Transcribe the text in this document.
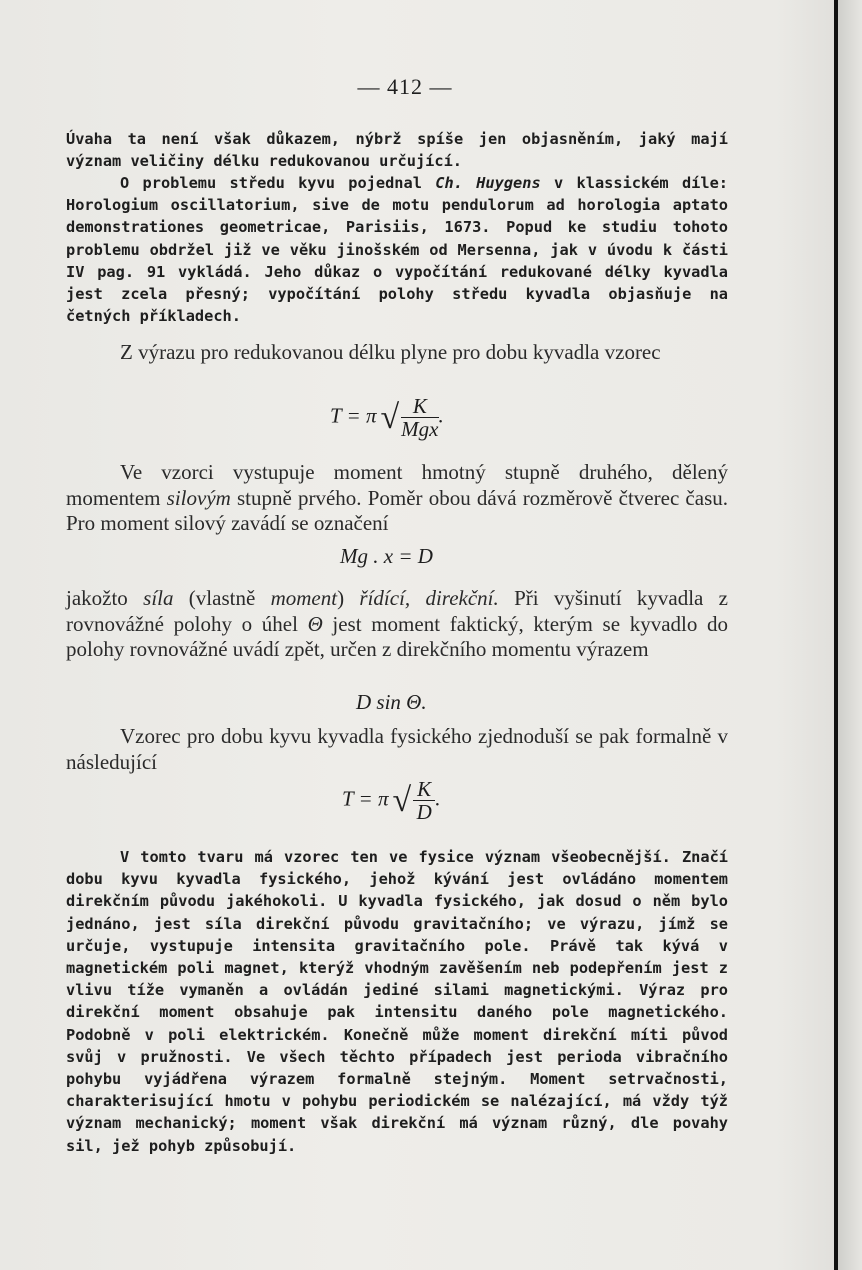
— 412 —

Úvaha ta není však důkazem, nýbrž spíše jen objasněním, jaký mají význam veličiny délku redukovanou určující.

O problemu středu kyvu pojednal Ch. Huygens v klassickém díle: Horologium oscillatorium, sive de motu pendulorum ad horologia aptato demonstrationes geometricae, Parisiis, 1673. Popud ke studiu tohoto problemu obdržel již ve věku jinošském od Mersenna, jak v úvodu k části IV pag. 91 vykládá. Jeho důkaz o vypočítání redukované délky kyvadla jest zcela přesný; vypočítání polohy středu kyvadla objasňuje na četných příkladech.

Z výrazu pro redukovanou délku plyne pro dobu kyvadla vzorec

T = π √ $\frac{K}{\text{Mgx}}$ .

Ve vzorci vystupuje moment hmotný stupně druhého, dělený momentem silovým stupně prvého. Poměr obou dává rozměrově čtverec času. Pro moment silový zavádí se označení

Mg . x = D

jakožto síla (vlastně moment) řídící, direkční. Při vyšinutí kyvadla z rovnovážné polohy o úhel Θ jest moment faktický, kterým se kyvadlo do polohy rovnovážné uvádí zpět, určen z direkčního momentu výrazem

D sin Θ.

Vzorec pro dobu kyvu kyvadla fysického zjednoduší se pak formalně v následující

T = π √ $\frac{K}{D}$ .

V tomto tvaru má vzorec ten ve fysice význam všeobecnější. Značí dobu kyvu kyvadla fysického, jehož kývání jest ovládáno momentem direkčním původu jakéhokoli. U kyvadla fysického, jak dosud o něm bylo jednáno, jest síla direkční původu gravitačního; ve výrazu, jímž se určuje, vystupuje intensita gravitačního pole. Právě tak kývá v magnetickém poli magnet, kterýž vhodným zavěšením neb podepřením jest z vlivu tíže vymaněn a ovládán jediné silami magnetickými. Výraz pro direkční moment obsahuje pak intensitu daného pole magnetického. Podobně v poli elektrickém. Konečně může moment direkční míti původ svůj v pružnosti. Ve všech těchto případech jest perioda vibračního pohybu vyjádřena výrazem formalně stejným. Moment setrvačnosti, charakterisující hmotu v pohybu periodickém se nalézající, má vždy týž význam mechanický; moment však direkční má význam různý, dle povahy sil, jež pohyb způsobují.
